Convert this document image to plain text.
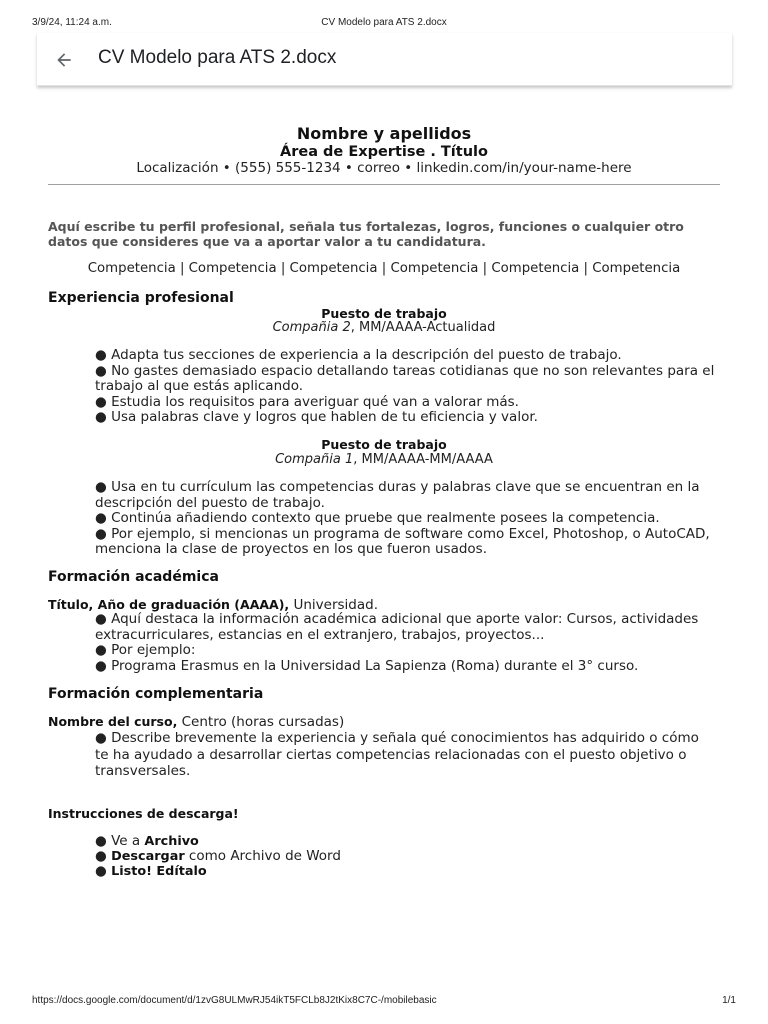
3/9/24, 11:24 a.m.	CV Modelo para ATS 2.docx
CV Modelo para ATS 2.docx
Nombre y apellidos
Área de Expertise . Título
Localización • (555) 555-1234 • correo • linkedin.com/in/your-name-here
Aquí escribe tu perfil profesional, señala tus fortalezas, logros, funciones o cualquier otro datos que consideres que va a aportar valor a tu candidatura.
Competencia | Competencia | Competencia | Competencia | Competencia | Competencia
Experiencia profesional
Puesto de trabajo
Compañia 2, MM/AAAA-Actualidad
● Adapta tus secciones de experiencia a la descripción del puesto de trabajo.
● No gastes demasiado espacio detallando tareas cotidianas que no son relevantes para el trabajo al que estás aplicando.
● Estudia los requisitos para averiguar qué van a valorar más.
● Usa palabras clave y logros que hablen de tu eficiencia y valor.
Puesto de trabajo
Compañia 1, MM/AAAA-MM/AAAA
● Usa en tu currículum las competencias duras y palabras clave que se encuentran en la descripción del puesto de trabajo.
● Continúa añadiendo contexto que pruebe que realmente posees la competencia.
● Por ejemplo, si mencionas un programa de software como Excel, Photoshop, o AutoCAD, menciona la clase de proyectos en los que fueron usados.
Formación académica
Título, Año de graduación (AAAA), Universidad.
● Aquí destaca la información académica adicional que aporte valor: Cursos, actividades extracurriculares, estancias en el extranjero, trabajos, proyectos...
● Por ejemplo:
● Programa Erasmus en la Universidad La Sapienza (Roma) durante el 3° curso.
Formación complementaria
Nombre del curso, Centro (horas cursadas)
● Describe brevemente la experiencia y señala qué conocimientos has adquirido o cómo te ha ayudado a desarrollar ciertas competencias relacionadas con el puesto objetivo o transversales.
Instrucciones de descarga!
● Ve a Archivo
● Descargar como Archivo de Word
● Listo! Edítalo
https://docs.google.com/document/d/1zvG8ULMwRJ54ikT5FCLb8J2tKix8C7C-/mobilebasic	1/1
